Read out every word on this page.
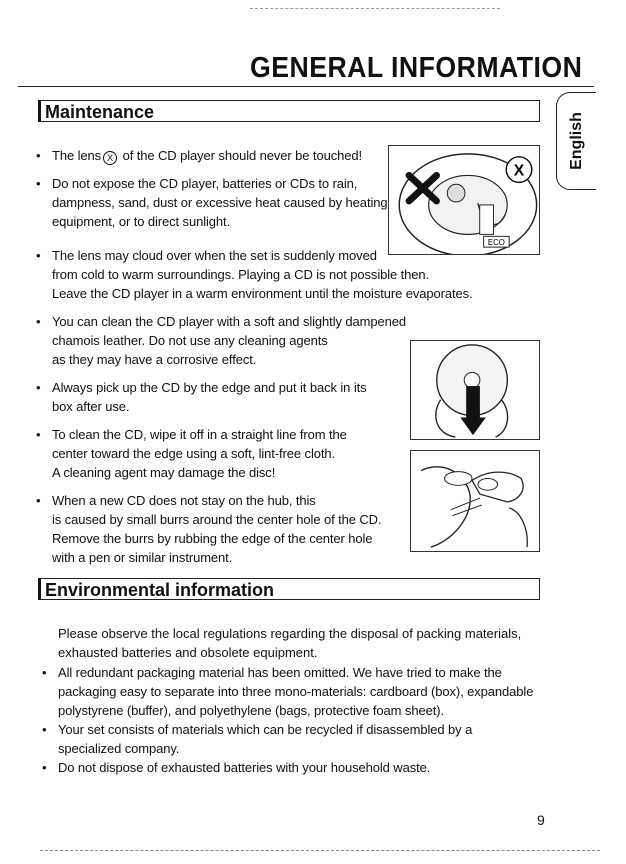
GENERAL INFORMATION
English
Maintenance
• The lens X of the CD player should never be touched!
• Do not expose the CD player, batteries or CDs to rain,
dampness, sand, dust or excessive heat caused by heating
equipment, or to direct sunlight.
• The lens may cloud over when the set is suddenly moved
from cold to warm surroundings. Playing a CD is not possible then.
Leave the CD player in a warm environment until the moisture evaporates.
• You can clean the CD player with a soft and slightly dampened
chamois leather. Do not use any cleaning agents
as they may have a corrosive effect.
• Always pick up the CD by the edge and put it back in its
box after use.
• To clean the CD, wipe it off in a straight line from the
center toward the edge using a soft, lint-free cloth.
A cleaning agent may damage the disc!
• When a new CD does not stay on the hub, this
is caused by small burrs around the center hole of the CD.
Remove the burrs by rubbing the edge of the center hole
with a pen or similar instrument.
X
ECO
Environmental information
Please observe the local regulations regarding the disposal of packing materials,
exhausted batteries and obsolete equipment.
• All redundant packaging material has been omitted. We have tried to make the
packaging easy to separate into three mono-materials: cardboard (box), expandable
polystyrene (buffer), and polyethylene (bags, protective foam sheet).
• Your set consists of materials which can be recycled if disassembled by a
specialized company.
• Do not dispose of exhausted batteries with your household waste.
9
